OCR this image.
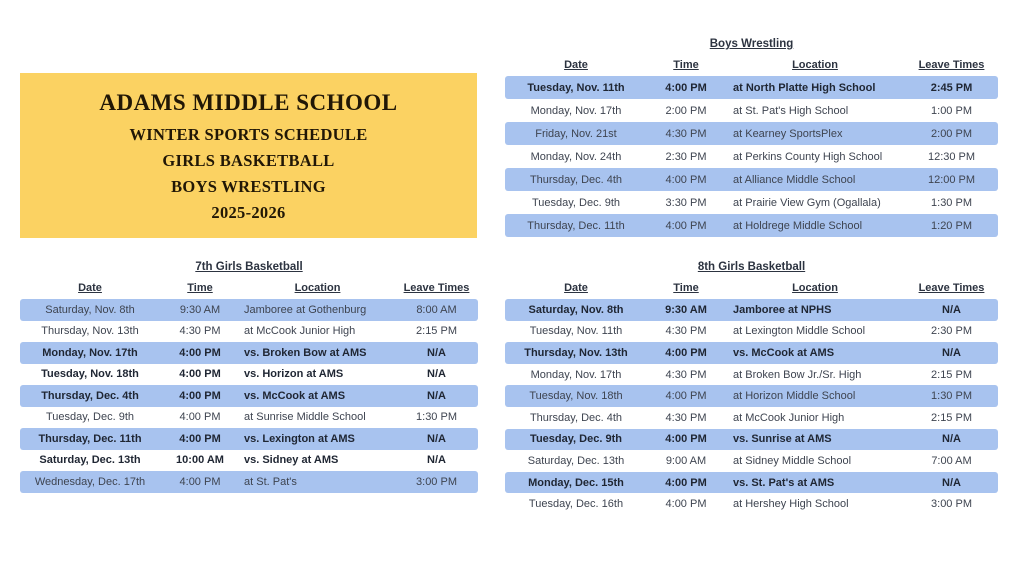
ADAMS MIDDLE SCHOOL
WINTER SPORTS SCHEDULE
GIRLS BASKETBALL
BOYS WRESTLING
2025-2026
Boys Wrestling
Date	Time	Location	Leave Times
Tuesday, Nov. 11th	4:00 PM	at North Platte High School	2:45 PM
Monday, Nov. 17th	2:00 PM	at St. Pat's High School	1:00 PM
Friday, Nov. 21st	4:30 PM	at Kearney SportsPlex	2:00 PM
Monday, Nov. 24th	2:30 PM	at Perkins County High School	12:30 PM
Thursday, Dec. 4th	4:00 PM	at Alliance Middle School	12:00 PM
Tuesday, Dec. 9th	3:30 PM	at Prairie View Gym (Ogallala)	1:30 PM
Thursday, Dec. 11th	4:00 PM	at Holdrege Middle School	1:20 PM
7th Girls Basketball
Date	Time	Location	Leave Times
Saturday, Nov. 8th	9:30 AM	Jamboree at Gothenburg	8:00 AM
Thursday, Nov. 13th	4:30 PM	at McCook Junior High	2:15 PM
Monday, Nov. 17th	4:00 PM	vs. Broken Bow at AMS	N/A
Tuesday, Nov. 18th	4:00 PM	vs. Horizon at AMS	N/A
Thursday, Dec. 4th	4:00 PM	vs. McCook at AMS	N/A
Tuesday, Dec. 9th	4:00 PM	at Sunrise Middle School	1:30 PM
Thursday, Dec. 11th	4:00 PM	vs. Lexington at AMS	N/A
Saturday, Dec. 13th	10:00 AM	vs. Sidney at AMS	N/A
Wednesday, Dec. 17th	4:00 PM	at St. Pat's	3:00 PM
8th Girls Basketball
Date	Time	Location	Leave Times
Saturday, Nov. 8th	9:30 AM	Jamboree at NPHS	N/A
Tuesday, Nov. 11th	4:30 PM	at Lexington Middle School	2:30 PM
Thursday, Nov. 13th	4:00 PM	vs. McCook at AMS	N/A
Monday, Nov. 17th	4:30 PM	at Broken Bow Jr./Sr. High	2:15 PM
Tuesday, Nov. 18th	4:00 PM	at Horizon Middle School	1:30 PM
Thursday, Dec. 4th	4:30 PM	at McCook Junior High	2:15 PM
Tuesday, Dec. 9th	4:00 PM	vs. Sunrise at AMS	N/A
Saturday, Dec. 13th	9:00 AM	at Sidney Middle School	7:00 AM
Monday, Dec. 15th	4:00 PM	vs. St. Pat's at AMS	N/A
Tuesday, Dec. 16th	4:00 PM	at Hershey High School	3:00 PM
